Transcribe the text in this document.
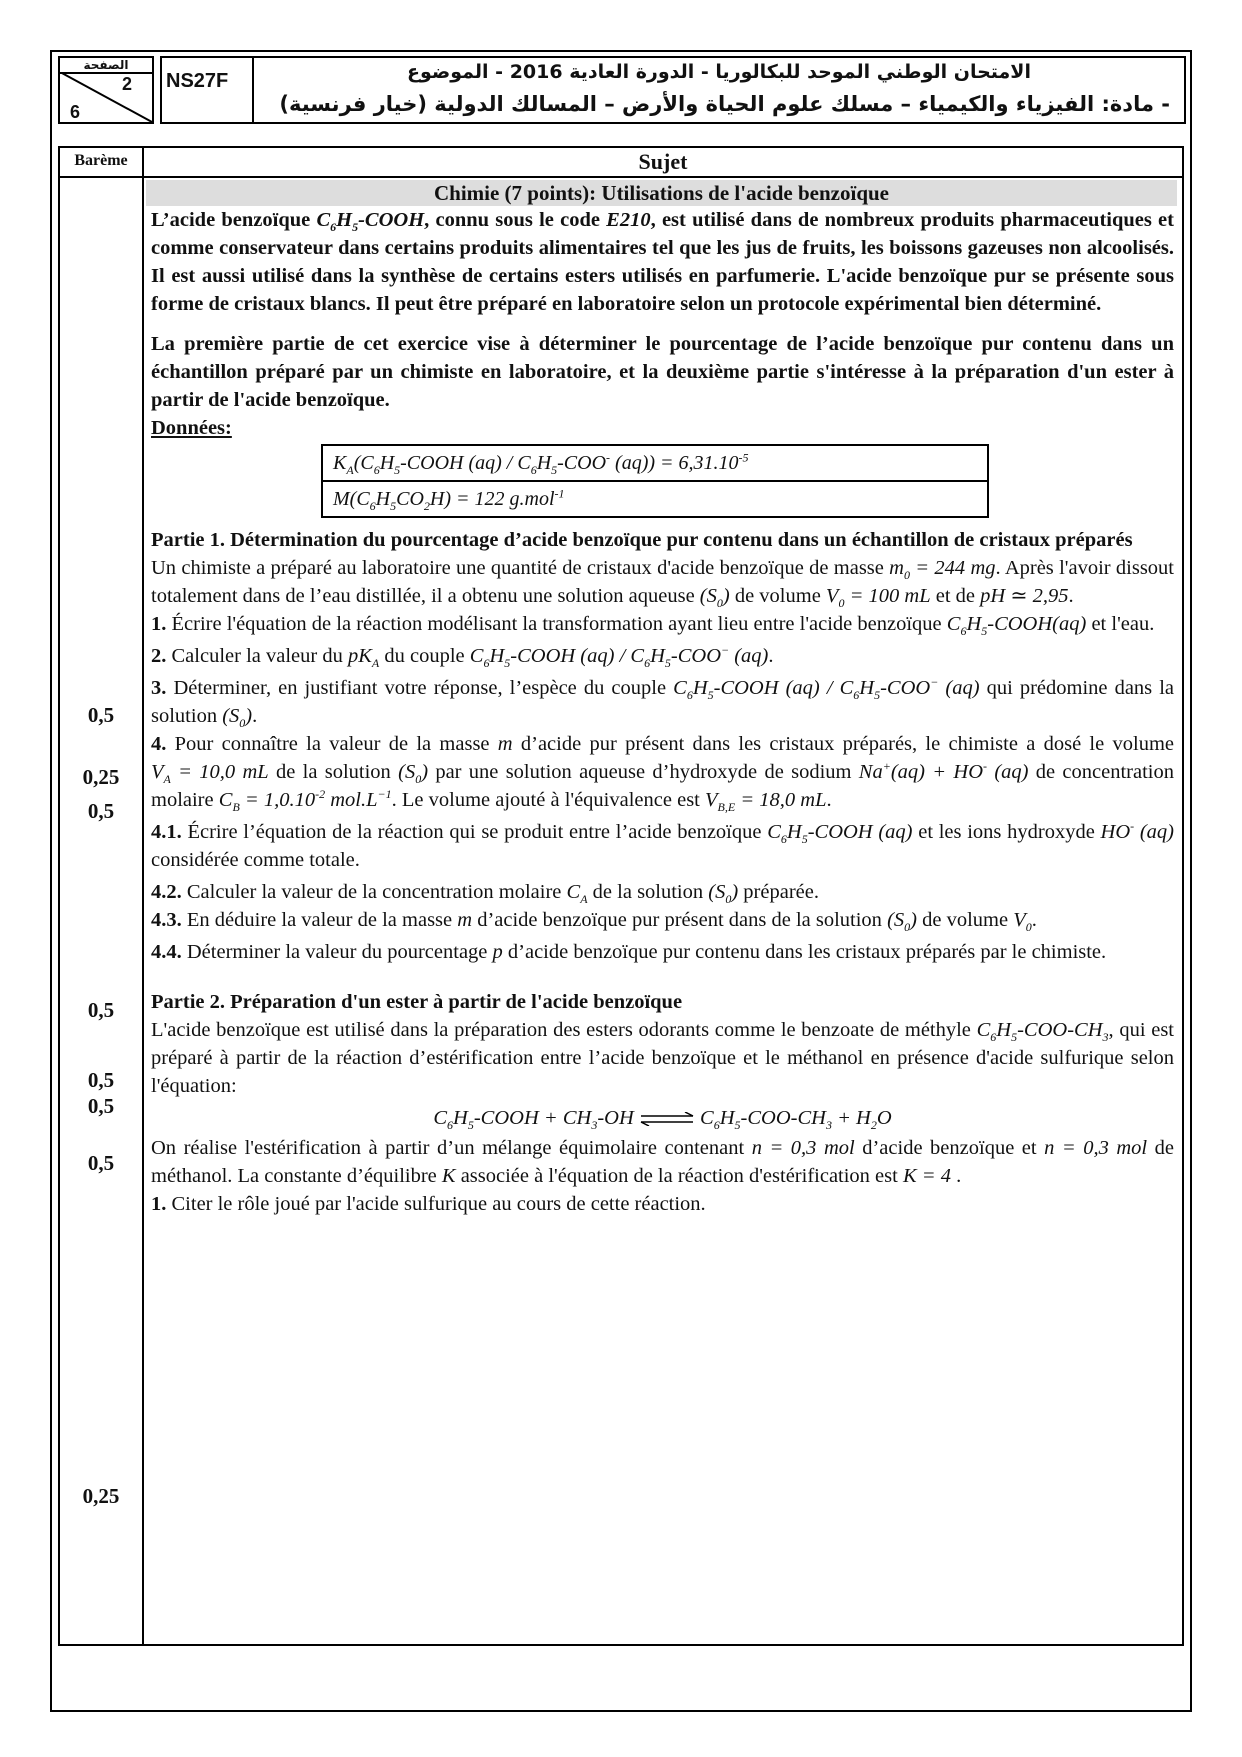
الصفحة
2
6
NS27F	الامتحان الوطني الموحد للبكالوريا - الدورة العادية 2016 - الموضوع
- مادة: الفيزياء والكيمياء – مسلك علوم الحياة والأرض – المسالك الدولية (خيار فرنسية)
Barème	Sujet
0,5
0,25
0,5
0,5
0,5
0,5
0,5
0,25

Chimie (7 points): Utilisations de l'acide benzoïque

L’acide benzoïque $C_6H_5$-COOH, connu sous le code E210, est utilisé dans de nombreux produits pharmaceutiques et comme conservateur dans certains produits alimentaires tel que les jus de fruits, les boissons gazeuses non alcoolisés. Il est aussi utilisé dans la synthèse de certains esters utilisés en parfumerie. L'acide benzoïque pur se présente sous forme de cristaux blancs. Il peut être préparé en laboratoire selon un protocole expérimental bien déterminé.

La première partie de cet exercice vise à déterminer le pourcentage de l’acide benzoïque pur contenu dans un échantillon préparé par un chimiste en laboratoire, et la deuxième partie s'intéresse à la préparation d'un ester à partir de l'acide benzoïque.

Données:

$K_A(C_6H_5$-COOH $(aq) / C_6H_5-COO^-$ $(aq)) = 6,31.10^{-5}$
$M(C_6H_5CO_2H) = 122$ g.mol$^{-1}$

Partie 1. Détermination du pourcentage d’acide benzoïque pur contenu dans un échantillon de cristaux préparés

Un chimiste a préparé au laboratoire une quantité de cristaux d'acide benzoïque de masse $m_0 = 244$ mg. Après l'avoir dissout totalement dans de l’eau distillée, il a obtenu une solution aqueuse $(S_0)$ de volume $V_0 = 100$ mL et de pH ≃ 2,95.

1. Écrire l'équation de la réaction modélisant la transformation ayant lieu entre l'acide benzoïque $C_6H_5-COOH(aq)$ et l'eau.

2. Calculer la valeur du $pK_A$ du couple $C_6H_5$-COOH $(aq) / C_6H_5-COO^-$ (aq).

3. Déterminer, en justifiant votre réponse, l’espèce du couple $C_6H_5$-COOH $(aq) / C_6H_5-COO^-$ (aq) qui prédomine dans la solution $(S_0)$.

4. Pour connaître la valeur de la masse m d’acide pur présent dans les cristaux préparés, le chimiste a dosé le volume $V_A = 10,0$ mL de la solution $(S_0)$ par une solution aqueuse d’hydroxyde de sodium Na+(aq) + HO- (aq) de concentration molaire $C_B = 1,0.10^{-2}$ $mol.L^{-1}$. Le volume ajouté à l'équivalence est $V_{B,E} = 18,0$ mL.

4.1. Écrire l’équation de la réaction qui se produit entre l’acide benzoïque $C_6H_5$-COOH (aq) et les ions hydroxyde HO- (aq) considérée comme totale.

4.2. Calculer la valeur de la concentration molaire $C_A$ de la solution $(S_0)$ préparée.

4.3. En déduire la valeur de la masse m d’acide benzoïque pur présent dans de la solution $(S_0)$ de volume $V_0$.

4.4. Déterminer la valeur du pourcentage p d’acide benzoïque pur contenu dans les cristaux préparés par le chimiste.

Partie 2. Préparation d'un ester à partir de l'acide benzoïque

L'acide benzoïque est utilisé dans la préparation des esters odorants comme le benzoate de méthyle $C_6H_5-COO-CH_3$, qui est préparé à partir de la réaction d’estérification entre l’acide benzoïque et le méthanol en présence d'acide sulfurique selon l'équation:

$C_6H_5$-COOH + $CH_3-OH$ ⇌ $C_6H_5-COO-CH_3 + H_2O$

On réalise l'estérification à partir d’un mélange équimolaire contenant n = 0,3 mol d’acide benzoïque et n = 0,3 mol de méthanol. La constante d’équilibre K associée à l'équation de la réaction d'estérification est K = 4 .

1. Citer le rôle joué par l'acide sulfurique au cours de cette réaction.
